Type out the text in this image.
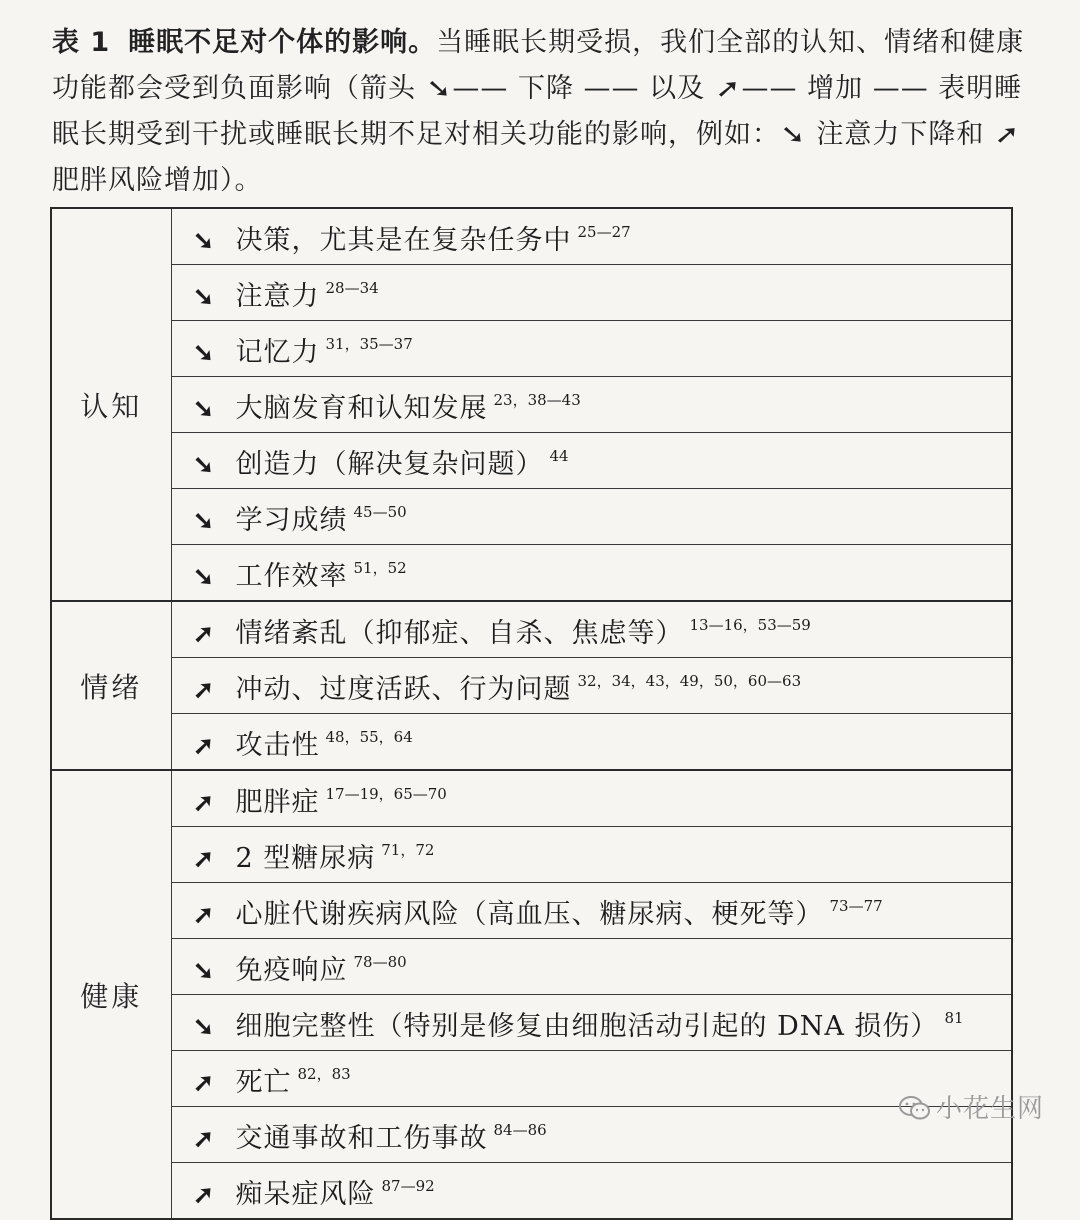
表 1 睡眠不足对个体的影响。当睡眠长期受损，我们全部的认知、情绪和健康功能都会受到负面影响（箭头 ➘—— 下降 —— 以及 ➚—— 增加 —— 表明睡眠长期受到干扰或睡眠长期不足对相关功能的影响，例如：➘ 注意力下降和 ➚ 肥胖风险增加）。
认知	➘ 决策，尤其是在复杂任务中 $^{25—27}$
	➘ 注意力 $^{28—34}$
	➘ 记忆力 $^{31,35—37}$
	➘ 大脑发育和认知发展 $^{23,38—43}$
	➘ 创造力（解决复杂问题） $^{44}$
	➘ 学习成绩 $^{45—50}$
	➘ 工作效率 $^{51,52}$
情绪	➚ 情绪紊乱（抑郁症、自杀、焦虑等） $^{13—16,53—59}$
	➚ 冲动、过度活跃、行为问题 $^{32,34,43,49,50,60—63}$
	➚ 攻击性 $^{48,55,64}$
健康	➚ 肥胖症 $^{17—19,65—70}$
	➚ 2 型糖尿病 $^{71,72}$
	➚ 心脏代谢疾病风险（高血压、糖尿病、梗死等） $^{73—77}$
	➘ 免疫响应 $^{78—80}$
	➘ 细胞完整性（特别是修复由细胞活动引起的 DNA 损伤） $^{81}$
	➚ 死亡 $^{82,83}$
	➚ 交通事故和工伤事故 $^{84—86}$
	➚ 痴呆症风险 $^{87—92}$
小花生网
